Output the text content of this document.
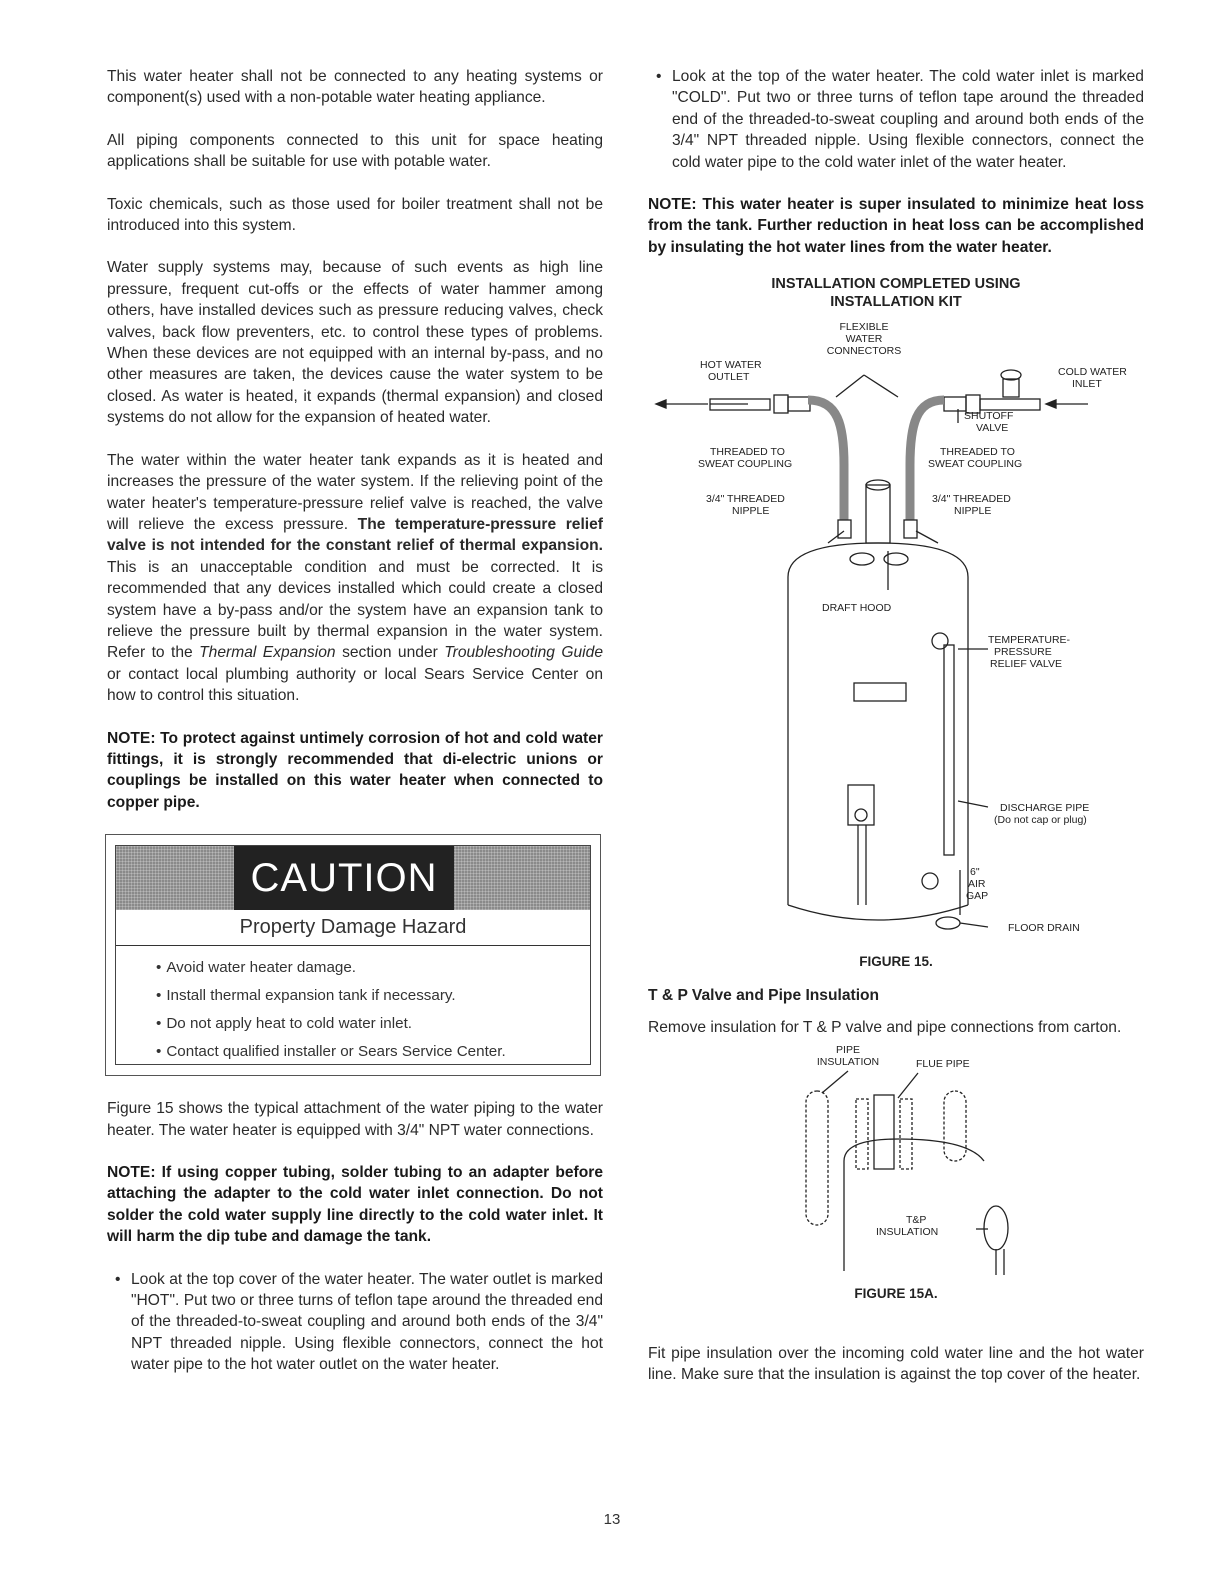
This water heater shall not be connected to any heating systems or component(s) used with a non-potable water heating appliance.

All piping components connected to this unit for space heating applications shall be suitable for use with potable water.

Toxic chemicals, such as those used for boiler treatment shall not be introduced into this system.

Water supply systems may, because of such events as high line pressure, frequent cut-offs or the effects of water hammer among others, have installed devices such as pressure reducing valves, check valves, back flow preventers, etc. to control these types of problems. When these devices are not equipped with an internal by-pass, and no other measures are taken, the devices cause the water system to be closed. As water is heated, it expands (thermal expansion) and closed systems do not allow for the expansion of heated water.

The water within the water heater tank expands as it is heated and increases the pressure of the water system. If the relieving point of the water heater's temperature-pressure relief valve is reached, the valve will relieve the excess pressure. The temperature-pressure relief valve is not intended for the constant relief of thermal expansion. This is an unacceptable condition and must be corrected. It is recommended that any devices installed which could create a closed system have a by-pass and/or the system have an expansion tank to relieve the pressure built by thermal expansion in the water system. Refer to the Thermal Expansion section under Troubleshooting Guide or contact local plumbing authority or local Sears Service Center on how to control this situation.

NOTE: To protect against untimely corrosion of hot and cold water fittings, it is strongly recommended that di-electric unions or couplings be installed on this water heater when connected to copper pipe.

CAUTION
Property Damage Hazard
• Avoid water heater damage.
• Install thermal expansion tank if necessary.
• Do not apply heat to cold water inlet.
• Contact qualified installer or Sears Service Center.

Figure 15 shows the typical attachment of the water piping to the water heater. The water heater is equipped with 3/4" NPT water connections.

NOTE: If using copper tubing, solder tubing to an adapter before attaching the adapter to the cold water inlet connection. Do not solder the cold water supply line directly to the cold water inlet. It will harm the dip tube and damage the tank.

• Look at the top cover of the water heater. The water outlet is marked "HOT". Put two or three turns of teflon tape around the threaded end of the threaded-to-sweat coupling and around both ends of the 3/4" NPT threaded nipple. Using flexible connectors, connect the hot water pipe to the hot water outlet on the water heater.

• Look at the top of the water heater. The cold water inlet is marked "COLD". Put two or three turns of teflon tape around the threaded end of the threaded-to-sweat coupling and around both ends of the 3/4" NPT threaded nipple. Using flexible connectors, connect the cold water pipe to the cold water inlet of the water heater.

NOTE: This water heater is super insulated to minimize heat loss from the tank. Further reduction in heat loss can be accomplished by insulating the hot water lines from the water heater.

INSTALLATION COMPLETED USING
INSTALLATION KIT
FLEXIBLE
WATER
CONNECTORS
HOT WATER
OUTLET	COLD WATER
INLET
SHUTOFF
VALVE
THREADED TO
SWEAT COUPLING
THREADED TO
SWEAT COUPLING
3/4" THREADED
NIPPLE
3/4" THREADED
NIPPLE
DRAFT HOOD
TEMPERATURE-
PRESSURE
RELIEF VALVE
DISCHARGE PIPE
(Do not cap or plug)
6"
AIR
GAP
FLOOR DRAIN
FIGURE 15.
T & P Valve and Pipe Insulation

Remove insulation for T & P valve and pipe connections from carton.

PIPE
INSULATION	FLUE PIPE
T&P
INSULATION
FIGURE 15A.

Fit pipe insulation over the incoming cold water line and the hot water line. Make sure that the insulation is against the top cover of the heater.

13
